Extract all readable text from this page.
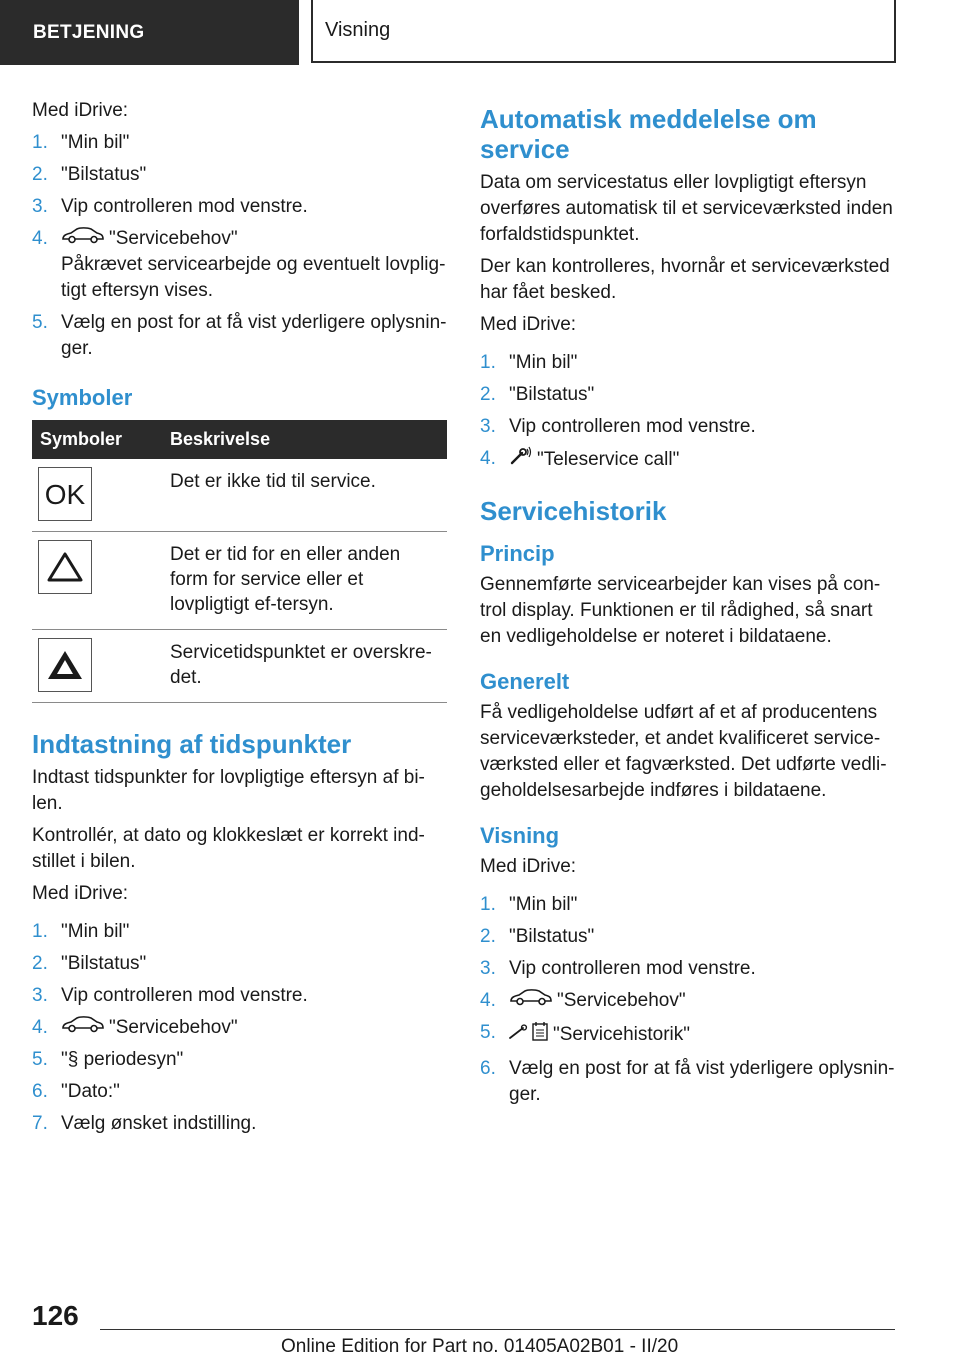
BETJENING	Visning

Med iDrive:

1. "Min bil"
2. "Bilstatus"
3. Vip controlleren mod venstre.
4.	"Servicebehov"
Påkrævet servicearbejde og eventuelt lovplig-tigt eftersyn vises.
5. Vælg en post for at få vist yderligere oplysnin-ger.
Symboler
Symboler	Beskrivelse

OK	Det er ikke tid til service.

	Det er tid for en eller anden form for service eller et lovpligtigt ef-tersyn.

	Servicetidspunktet er overskre-det.
Indtastning af tidspunkter

Indtast tidspunkter for lovpligtige eftersyn af bi-len.

Kontrollér, at dato og klokkeslæt er korrekt ind-stillet i bilen.

Med iDrive:

1. "Min bil"
2. "Bilstatus"
3. Vip controlleren mod venstre.
4.	"Servicebehov"
5. "§ periodesyn"
6. "Dato:"
7. Vælg ønsket indstilling.
Automatisk meddelelse om service

Data om servicestatus eller lovpligtigt eftersyn overføres automatisk til et serviceværksted inden forfaldstidspunktet.

Der kan kontrolleres, hvornår et serviceværksted har fået besked.

Med iDrive:

1. "Min bil"
2. "Bilstatus"
3. Vip controlleren mod venstre.
4. "Teleservice call"
Servicehistorik
Princip

Gennemførte servicearbejder kan vises på con-trol display. Funktionen er til rådighed, så snart en vedligeholdelse er noteret i bildataene.

Generelt

Få vedligeholdelse udført af et af producentens serviceværksteder, et andet kvalificeret service-værksted eller et fagværksted. Det udførte vedli-geholdelsesarbejde indføres i bildataene.

Visning

Med iDrive:

1. "Min bil"
2. "Bilstatus"
3. Vip controlleren mod venstre.
4.	"Servicebehov"
5.	"Servicehistorik"
6. Vælg en post for at få vist yderligere oplysnin-ger.
126
Online Edition for Part no. 01405A02B01 - II/20
